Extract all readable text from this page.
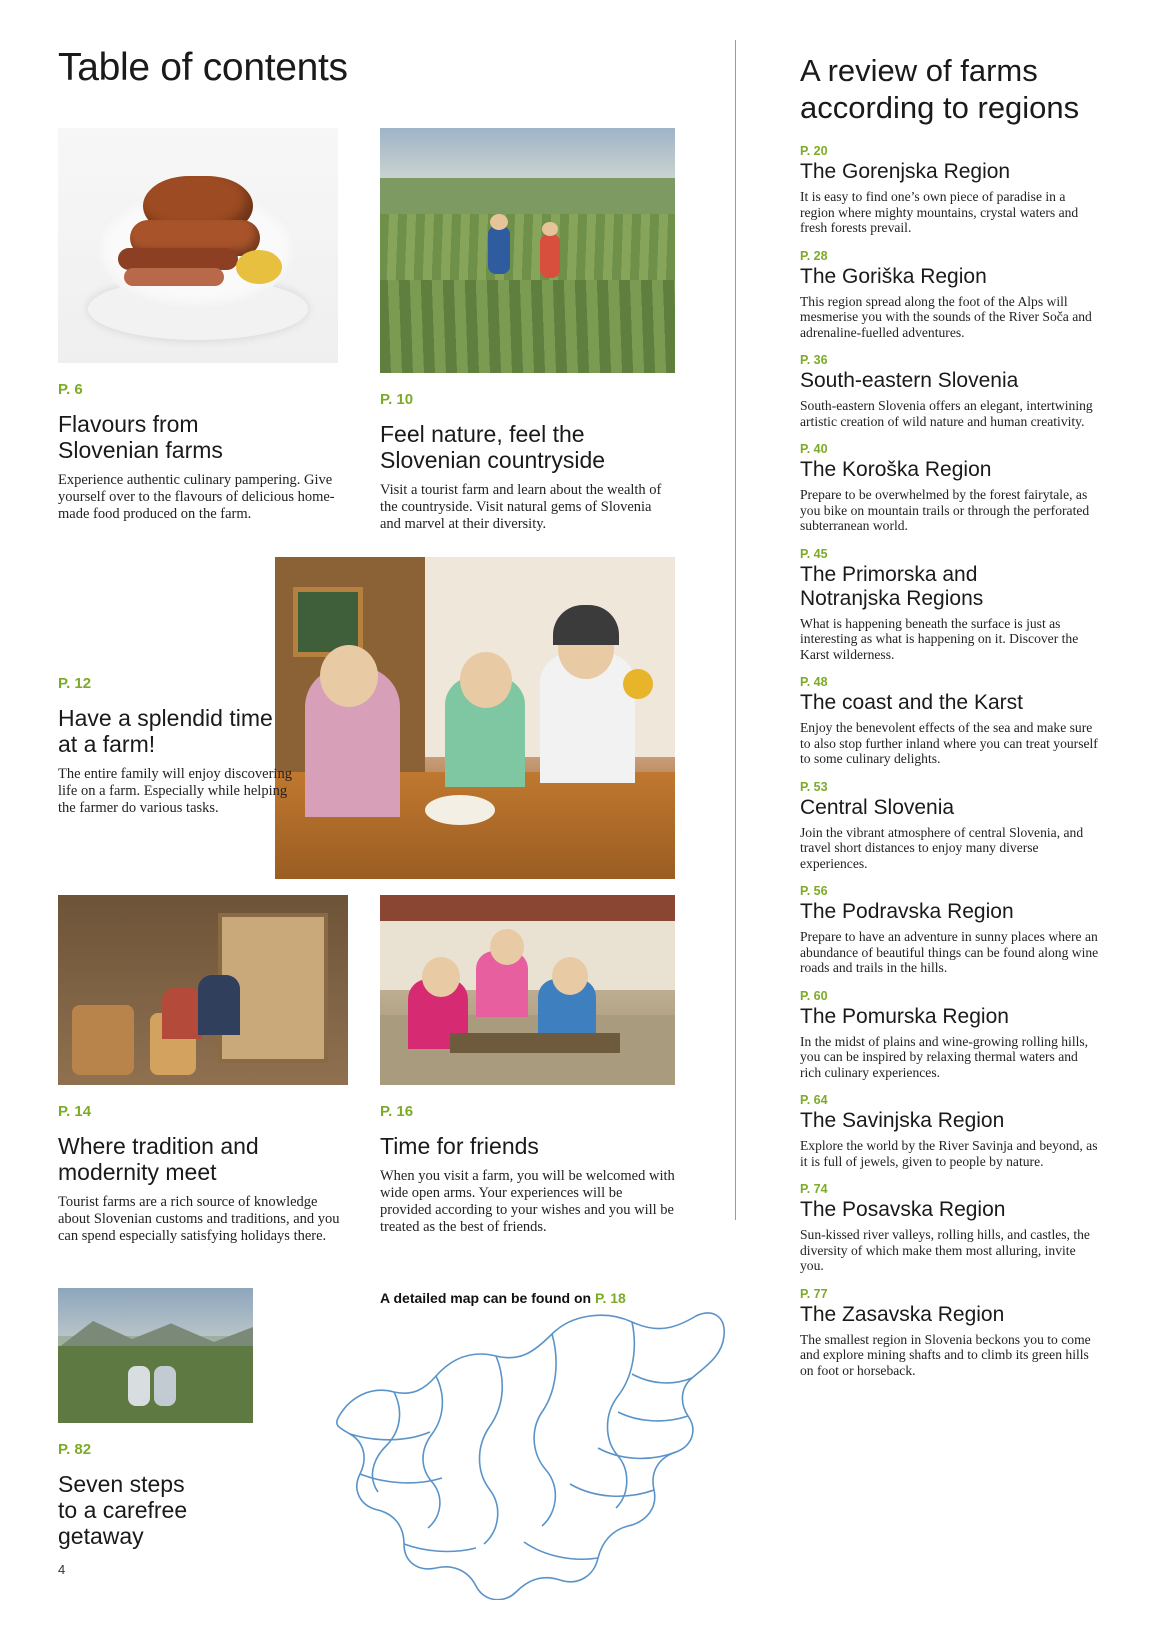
Table of contents
P. 6
Flavours from
Slovenian farms
Experience authentic culinary pampering. Give yourself over to the flavours of delicious home-made food produced on the farm.
P. 10
Feel nature, feel the
Slovenian countryside
Visit a tourist farm and learn about the wealth of the countryside. Visit natural gems of Slovenia and marvel at their diversity.
P. 12
Have a splendid time
at a farm!
The entire family will enjoy discovering life on a farm. Especially while helping the farmer do various tasks.
P. 14
Where tradition and
modernity meet
Tourist farms are a rich source of knowledge about Slovenian customs and traditions, and you can spend especially satisfying holidays there.
P. 16
Time for friends
When you visit a farm, you will be welcomed with wide open arms. Your experiences will be provided according to your wishes and you will be treated as the best of friends.
P. 82
Seven steps
to a carefree
getaway
A detailed map can be found on P. 18
4
A review of farms
according to regions
P. 20
The Gorenjska Region
It is easy to find one’s own piece of paradise in a region where mighty mountains, crystal waters and fresh forests prevail.
P. 28
The Goriška Region
This region spread along the foot of the Alps will mesmerise you with the sounds of the River Soča and adrenaline-fuelled adventures.
P. 36
South-eastern Slovenia
South-eastern Slovenia offers an elegant, intertwining artistic creation of wild nature and human creativity.
P. 40
The Koroška Region
Prepare to be overwhelmed by the forest fairytale, as you bike on mountain trails or through the perforated subterranean world.
P. 45
The Primorska and
Notranjska Regions
What is happening beneath the surface is just as interesting as what is happening on it. Discover the Karst wilderness.
P. 48
The coast and the Karst
Enjoy the benevolent effects of the sea and make sure to also stop further inland where you can treat yourself to some culinary delights.
P. 53
Central Slovenia
Join the vibrant atmosphere of central Slovenia, and travel short distances to enjoy many diverse experiences.
P. 56
The Podravska Region
Prepare to have an adventure in sunny places where an abundance of beautiful things can be found along wine roads and trails in the hills.
P. 60
The Pomurska Region
In the midst of plains and wine-growing rolling hills, you can be inspired by relaxing thermal waters and rich culinary experiences.
P. 64
The Savinjska Region
Explore the world by the River Savinja and beyond, as it is full of jewels, given to people by nature.
P. 74
The Posavska Region
Sun-kissed river valleys, rolling hills, and castles, the diversity of which make them most alluring, invite you.
P. 77
The Zasavska Region
The smallest region in Slovenia beckons you to come and explore mining shafts and to climb its green hills on foot or horseback.
